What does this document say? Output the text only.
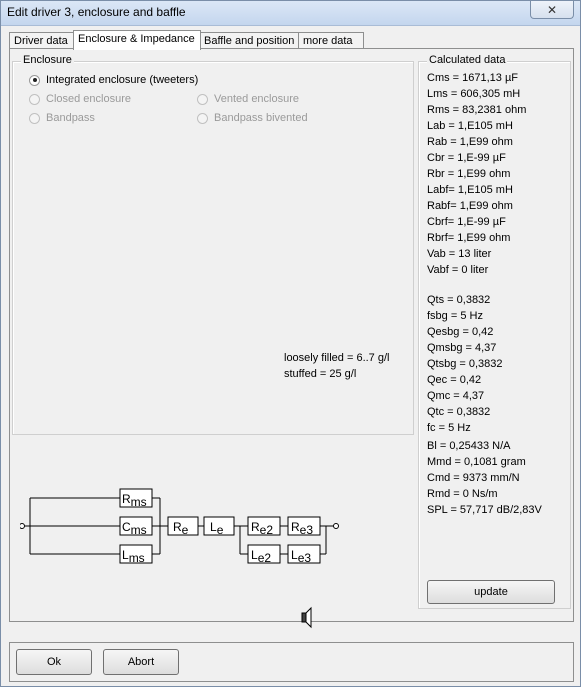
Edit driver 3, enclosure and baffle	✕
Driver data Enclosure & Impedance Baffle and position more data
Enclosure
Integrated enclosure (tweeters)
Closed enclosure	Vented enclosure
Bandpass	Bandpass bivented
loosely filled = 6..7 g/l
stuffed = 25 g/l
Calculated data
Cms = 1671,13 µF
Lms = 606,305 mH
Rms = 83,2381 ohm
Lab = 1,E105 mH
Rab = 1,E99 ohm
Cbr = 1,E-99 µF
Rbr = 1,E99 ohm
Labf= 1,E105 mH
Rabf= 1,E99 ohm
Cbrf= 1,E-99 µF
Rbrf= 1,E99 ohm
Vab = 13 liter
Vabf = 0 liter
Qts = 0,3832
fsbg = 5 Hz
Qesbg = 0,42
Qmsbg = 4,37
Qtsbg = 0,3832
Qec = 0,42
Qmc = 4,37
Qtc = 0,3832
fc = 5 Hz
Bl = 0,25433 N/A
Mmd = 0,1081 gram
Cmd = 9373 mm/N
Rmd = 0 Ns/m
SPL = 57,717 dB/2,83V
update
Rms
Cms
Lms
Re Le Re2 Re3
Le2 Le3
Ok	Abort
